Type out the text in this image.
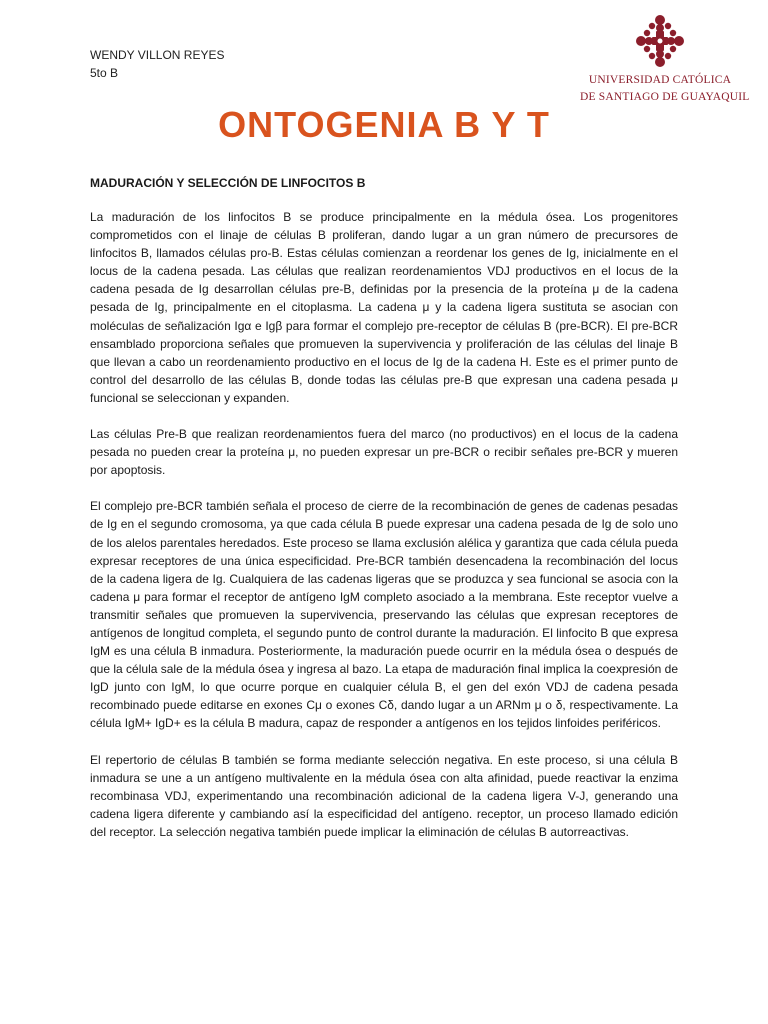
WENDY VILLON REYES
5to B	UNIVERSIDAD CATÓLICA
DE SANTIAGO DE GUAYAQUIL
ONTOGENIA B Y T
MADURACIÓN Y SELECCIÓN DE LINFOCITOS B

La maduración de los linfocitos B se produce principalmente en la médula ósea. Los progenitores comprometidos con el linaje de células B proliferan, dando lugar a un gran número de precursores de linfocitos B, llamados células pro-B. Estas células comienzan a reordenar los genes de Ig, inicialmente en el locus de la cadena pesada. Las células que realizan reordenamientos VDJ productivos en el locus de la cadena pesada de Ig desarrollan células pre-B, definidas por la presencia de la proteína μ de la cadena pesada de Ig, principalmente en el citoplasma. La cadena μ y la cadena ligera sustituta se asocian con moléculas de señalización Igα e Igβ para formar el complejo pre-receptor de células B (pre-BCR). El pre-BCR ensamblado proporciona señales que promueven la supervivencia y proliferación de las células del linaje B que llevan a cabo un reordenamiento productivo en el locus de Ig de la cadena H. Este es el primer punto de control del desarrollo de las células B, donde todas las células pre-B que expresan una cadena pesada μ funcional se seleccionan y expanden.

Las células Pre-B que realizan reordenamientos fuera del marco (no productivos) en el locus de la cadena pesada no pueden crear la proteína μ, no pueden expresar un pre-BCR o recibir señales pre-BCR y mueren por apoptosis.

El complejo pre-BCR también señala el proceso de cierre de la recombinación de genes de cadenas pesadas de Ig en el segundo cromosoma, ya que cada célula B puede expresar una cadena pesada de Ig de solo uno de los alelos parentales heredados. Este proceso se llama exclusión alélica y garantiza que cada célula pueda expresar receptores de una única especificidad. Pre-BCR también desencadena la recombinación del locus de la cadena ligera de Ig. Cualquiera de las cadenas ligeras que se produzca y sea funcional se asocia con la cadena μ para formar el receptor de antígeno IgM completo asociado a la membrana. Este receptor vuelve a transmitir señales que promueven la supervivencia, preservando las células que expresan receptores de antígenos de longitud completa, el segundo punto de control durante la maduración. El linfocito B que expresa IgM es una célula B inmadura. Posteriormente, la maduración puede ocurrir en la médula ósea o después de que la célula sale de la médula ósea y ingresa al bazo. La etapa de maduración final implica la coexpresión de IgD junto con IgM, lo que ocurre porque en cualquier célula B, el gen del exón VDJ de cadena pesada recombinado puede editarse en exones Cμ o exones Cδ, dando lugar a un ARNm μ o δ, respectivamente. La célula IgM+ IgD+ es la célula B madura, capaz de responder a antígenos en los tejidos linfoides periféricos.

El repertorio de células B también se forma mediante selección negativa. En este proceso, si una célula B inmadura se une a un antígeno multivalente en la médula ósea con alta afinidad, puede reactivar la enzima recombinasa VDJ, experimentando una recombinación adicional de la cadena ligera V-J, generando una cadena ligera diferente y cambiando así la especificidad del antígeno. receptor, un proceso llamado edición del receptor. La selección negativa también puede implicar la eliminación de células B autorreactivas.
